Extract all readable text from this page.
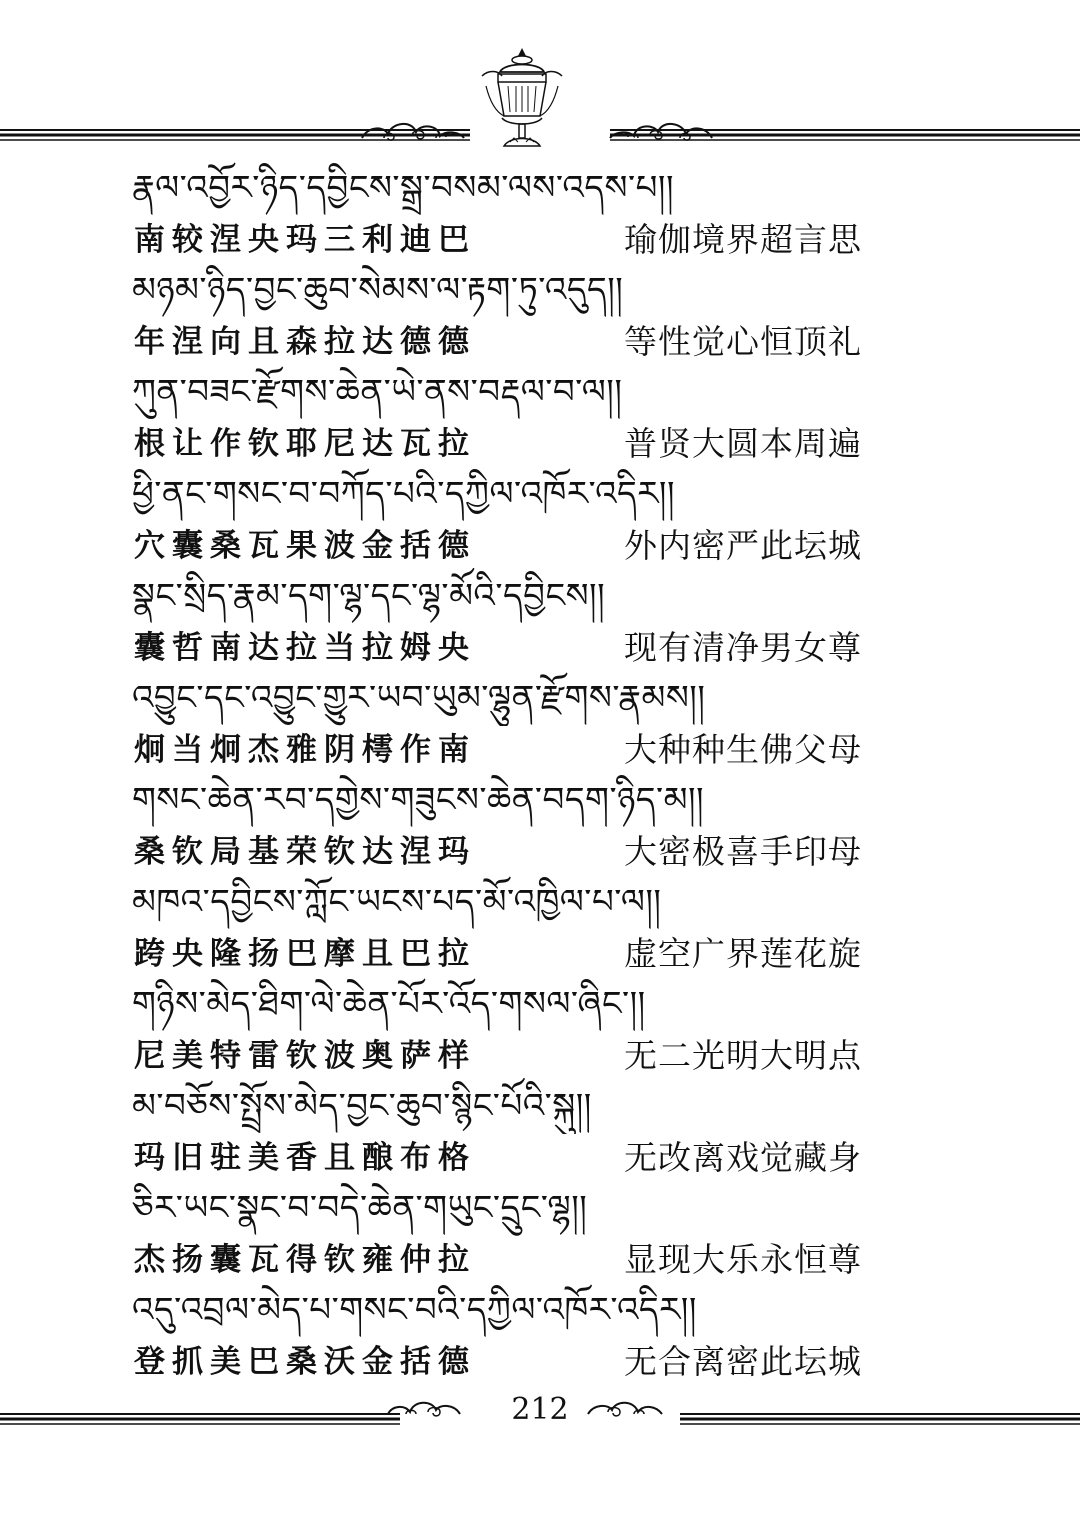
རྣལ་འབྱོར་ཉིད་དབྱིངས་སྒྲ་བསམ་ལས་འདས་པ།།
南较涅央玛三利迪巴	瑜伽境界超言思
མཉམ་ཉིད་བྱང་ཆུབ་སེམས་ལ་རྟག་ཏུ་འདུད།།
年涅向且森拉达德德	等性觉心恒顶礼
ཀུན་བཟང་རྫོགས་ཆེན་ཡེ་ནས་བརྡལ་བ་ལ།།
根让作钦耶尼达瓦拉	普贤大圆本周遍
ཕྱི་ནང་གསང་བ་བཀོད་པའི་དཀྱིལ་འཁོར་འདིར།།
穴囊桑瓦果波金括德	外内密严此坛城
སྣང་སྲིད་རྣམ་དག་ལྷ་དང་ལྷ་མོའི་དབྱིངས།།
囊哲南达拉当拉姆央	现有清净男女尊
འབྱུང་དང་འབྱུང་གྱུར་ཡབ་ཡུམ་ལྷུན་རྫོགས་རྣམས།།
炯当炯杰雅阴樗作南	大种种生佛父母
གསང་ཆེན་རབ་དགྱེས་གཟུངས་ཆེན་བདག་ཉིད་མ།།
桑钦局基荣钦达涅玛	大密极喜手印母
མཁའ་དབྱིངས་ཀློང་ཡངས་པད་མོ་འཁྱིལ་པ་ལ།།
跨央隆扬巴摩且巴拉	虚空广界莲花旋
གཉིས་མེད་ཐིག་ལེ་ཆེན་པོར་འོད་གསལ་ཞིང་།།
尼美特雷钦波奥萨样	无二光明大明点
མ་བཅོས་སྤྲོས་མེད་བྱང་ཆུབ་སྙིང་པོའི་སྐུ།།
玛旧驻美香且酿布格	无改离戏觉藏身
ཅིར་ཡང་སྣང་བ་བདེ་ཆེན་གཡུང་དྲུང་ལྷ།།
杰扬囊瓦得钦雍仲拉	显现大乐永恒尊
འདུ་འབྲལ་མེད་པ་གསང་བའི་དཀྱིལ་འཁོར་འདིར།།
登抓美巴桑沃金括德	无合离密此坛城
212
